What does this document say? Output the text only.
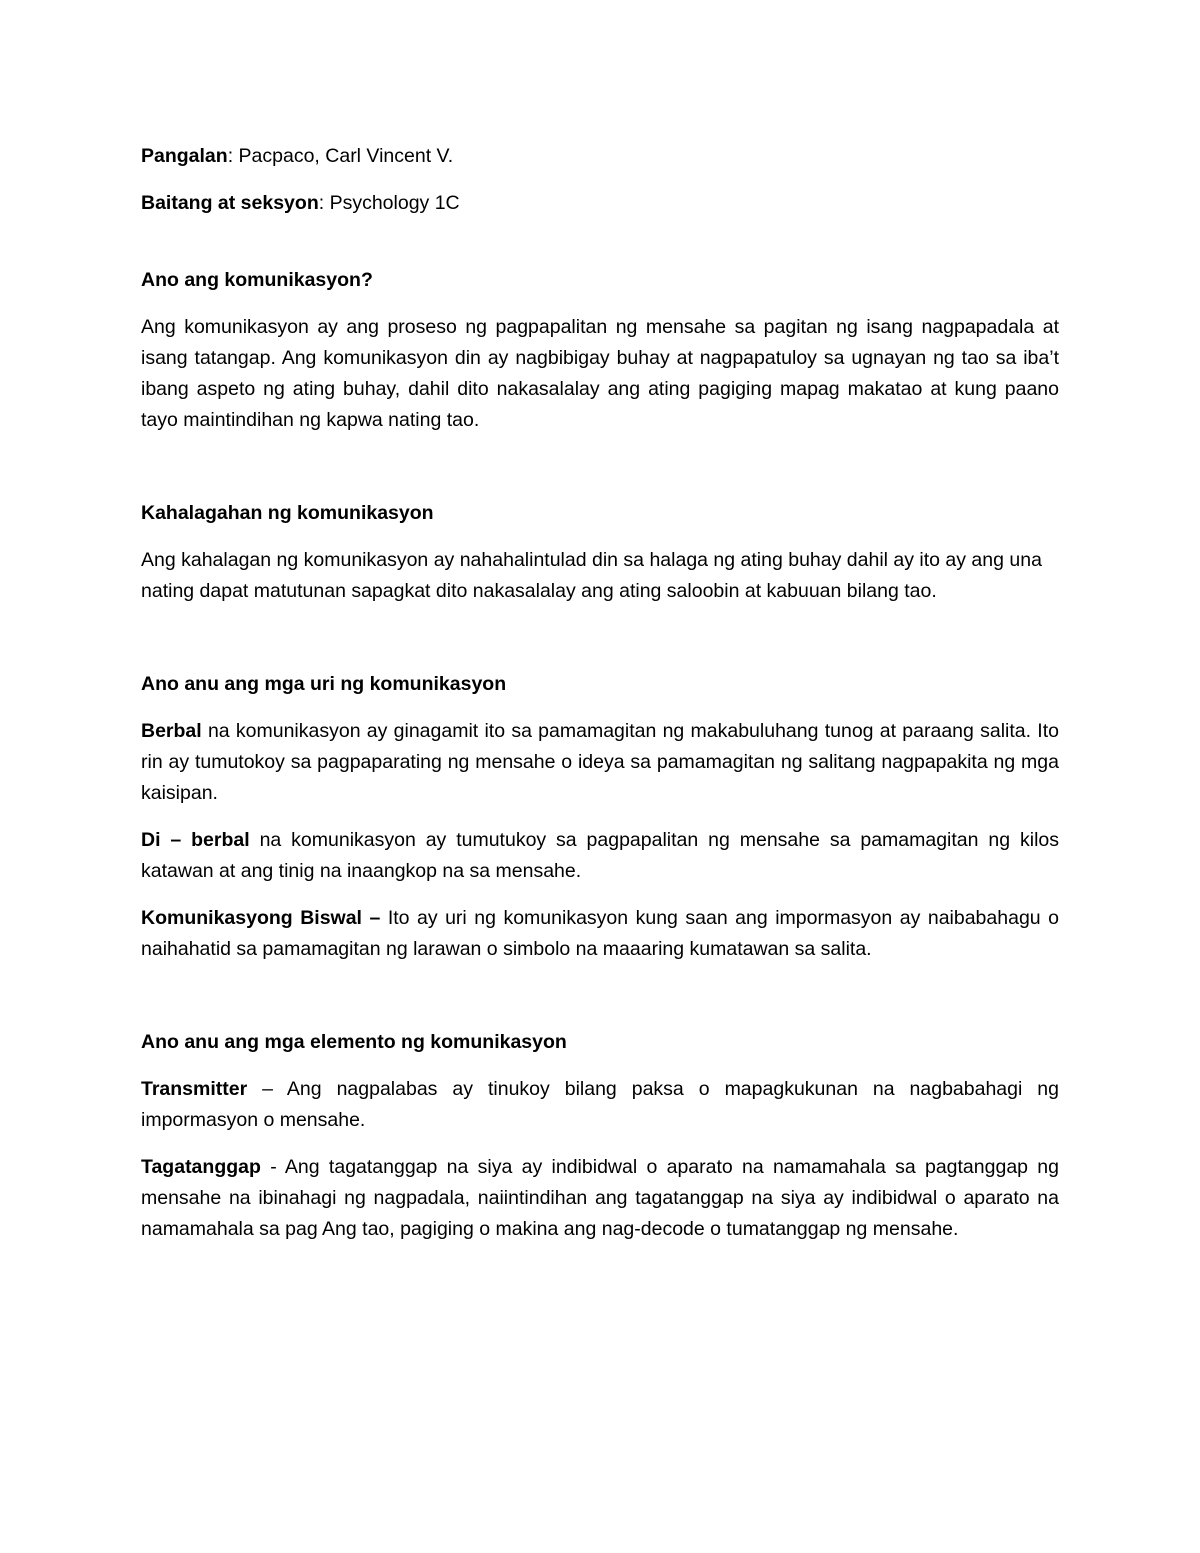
Pangalan: Pacpaco, Carl Vincent V.

Baitang at seksyon: Psychology 1C

Ano ang komunikasyon?

Ang komunikasyon ay ang proseso ng pagpapalitan ng mensahe sa pagitan ng isang nagpapadala at isang tatangap. Ang komunikasyon din ay nagbibigay buhay at nagpapatuloy sa ugnayan ng tao sa iba’t ibang aspeto ng ating buhay, dahil dito nakasalalay ang ating pagiging mapag makatao at kung paano tayo maintindihan ng kapwa nating tao.

Kahalagahan ng komunikasyon

Ang kahalagan ng komunikasyon ay nahahalintulad din sa halaga ng ating buhay dahil ay ito ay ang una nating dapat matutunan sapagkat dito nakasalalay ang ating saloobin at kabuuan bilang tao.

Ano anu ang mga uri ng komunikasyon

Berbal na komunikasyon ay ginagamit ito sa pamamagitan ng makabuluhang tunog at paraang salita. Ito rin ay tumutokoy sa pagpaparating ng mensahe o ideya sa pamamagitan ng salitang nagpapakita ng mga kaisipan.

Di – berbal na komunikasyon ay tumutukoy sa pagpapalitan ng mensahe sa pamamagitan ng kilos katawan at ang tinig na inaangkop na sa mensahe.

Komunikasyong Biswal – Ito ay uri ng komunikasyon kung saan ang impormasyon ay naibabahagu o naihahatid sa pamamagitan ng larawan o simbolo na maaaring kumatawan sa salita.

Ano anu ang mga elemento ng komunikasyon

Transmitter – Ang nagpalabas ay tinukoy bilang paksa o mapagkukunan na nagbabahagi ng impormasyon o mensahe.

Tagatanggap - Ang tagatanggap na siya ay indibidwal o aparato na namamahala sa pagtanggap ng mensahe na ibinahagi ng nagpadala, naiintindihan ang tagatanggap na siya ay indibidwal o aparato na namamahala sa pag Ang tao, pagiging o makina ang nag-decode o tumatanggap ng mensahe.
